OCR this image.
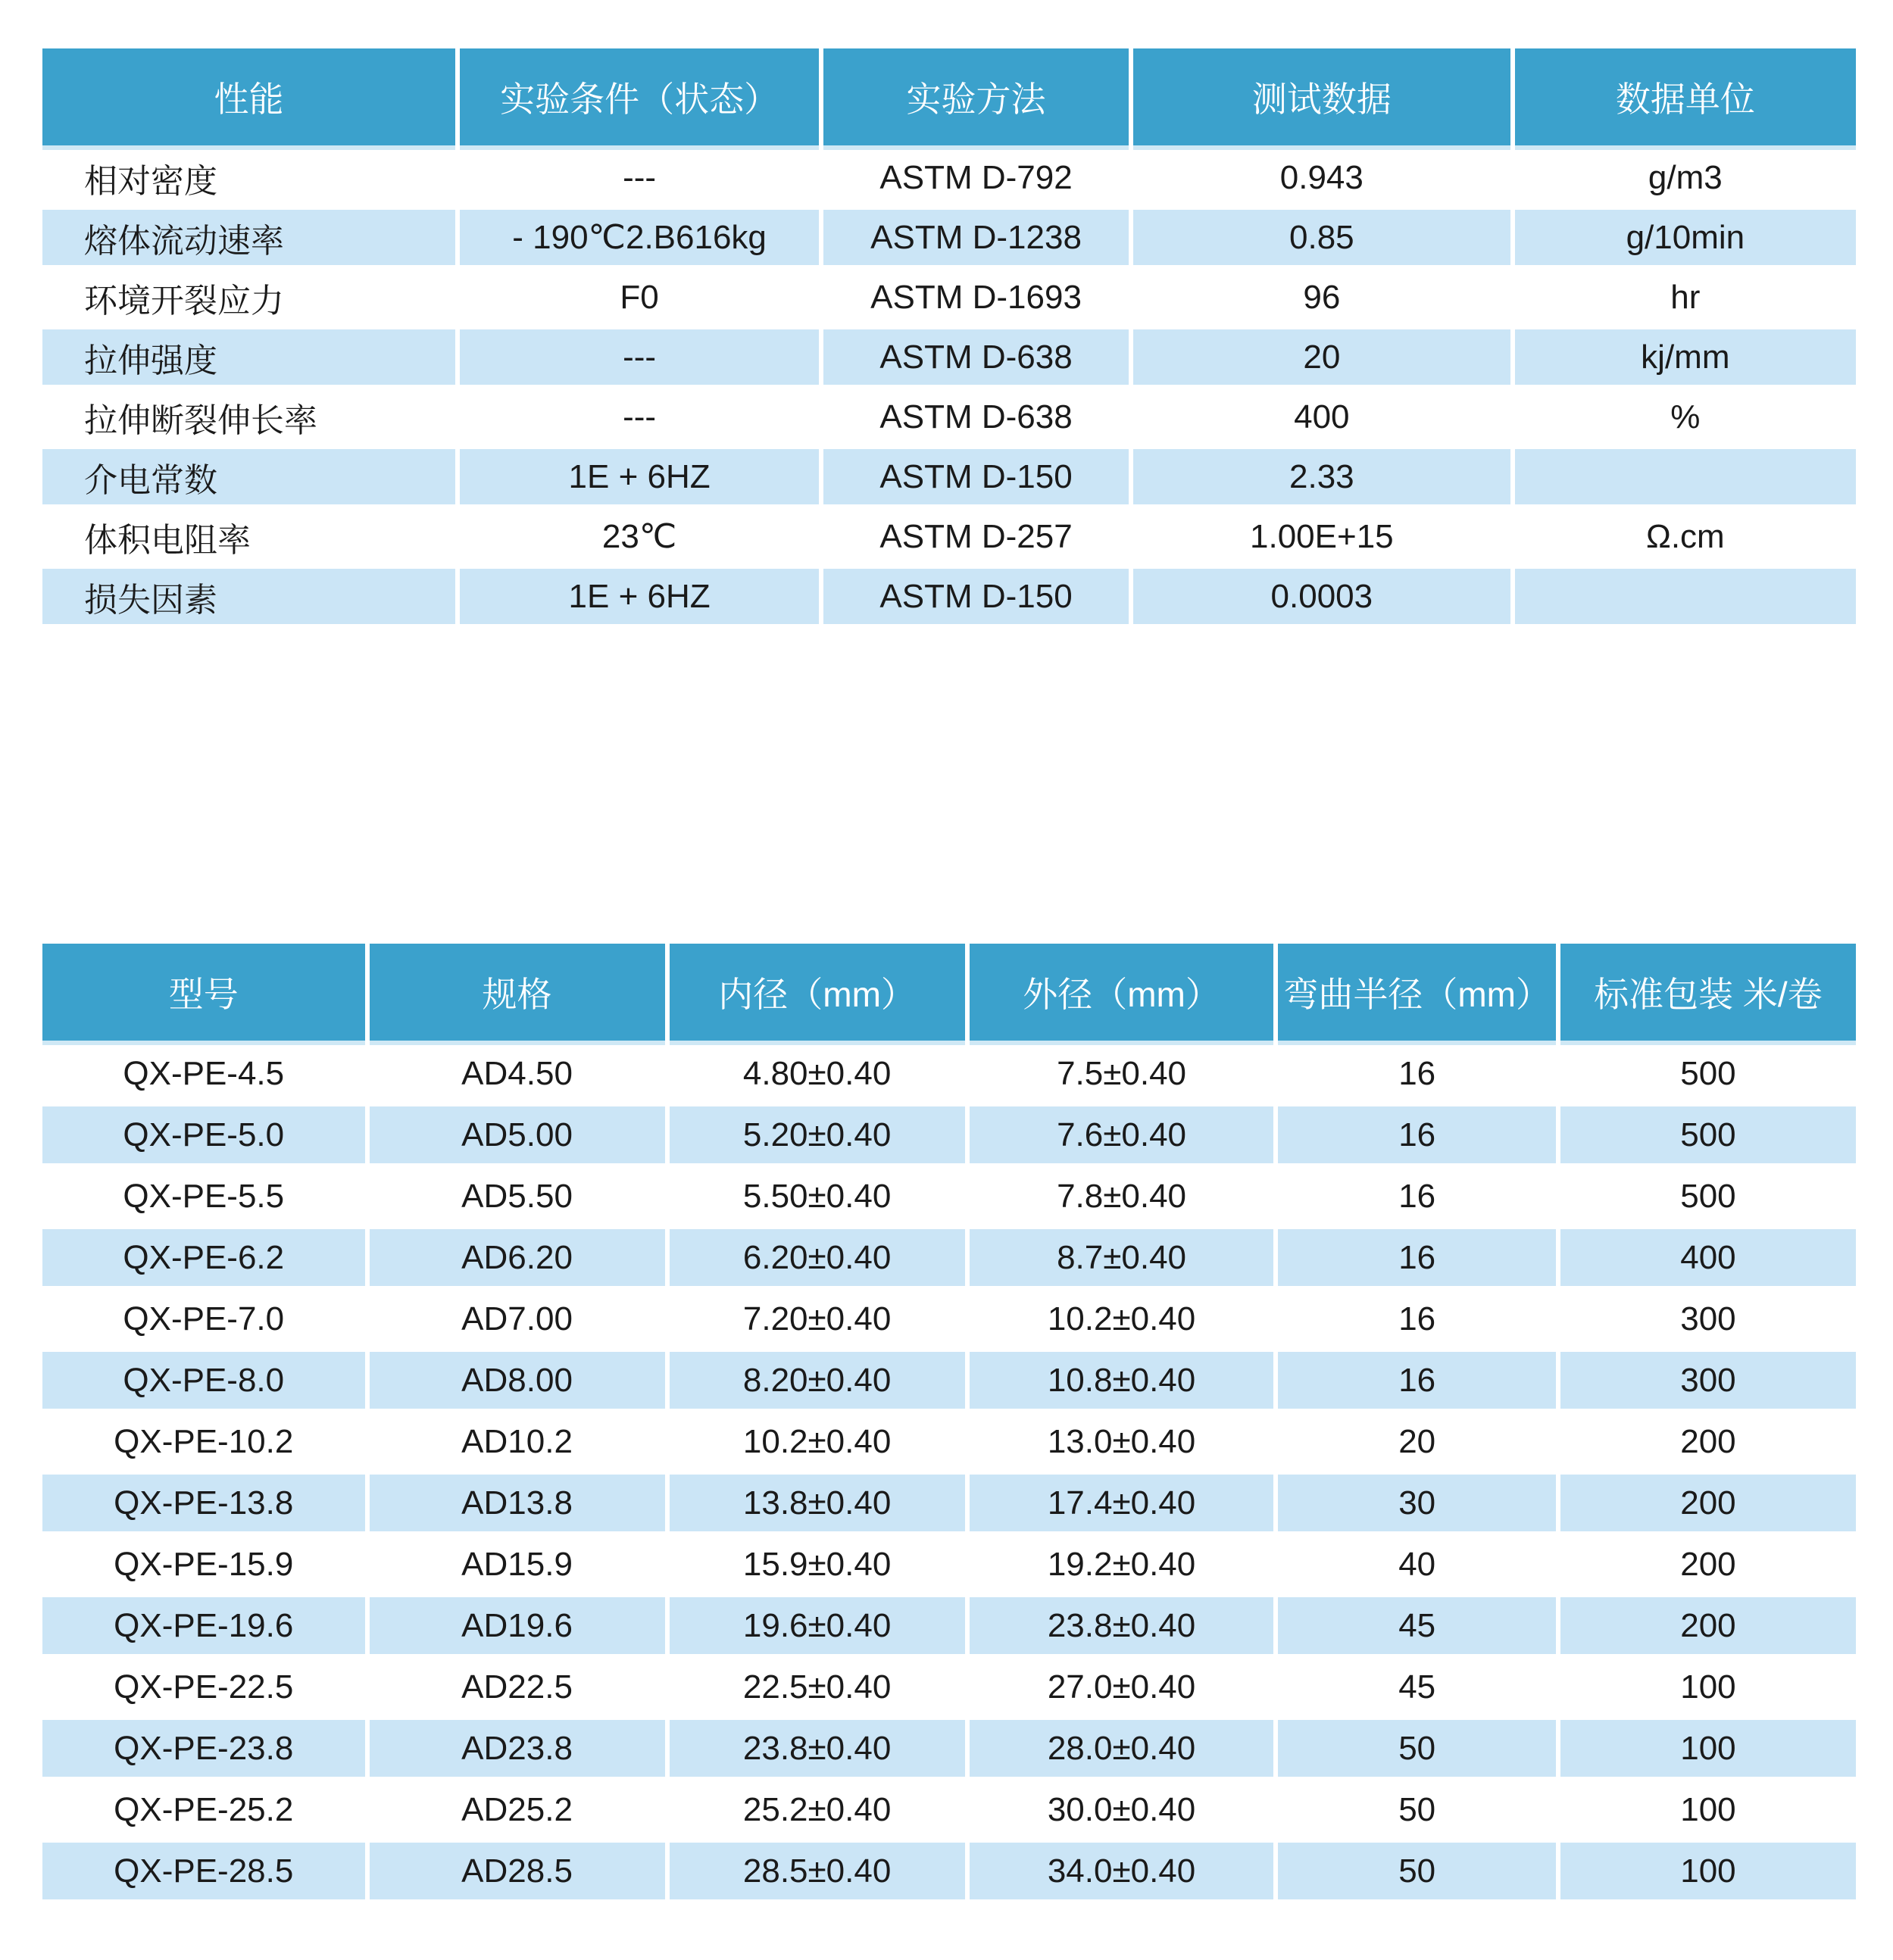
性能	实验条件（状态）	实验方法	测试数据	数据单位
相对密度	---	ASTM D-792	0.943	g/m3
熔体流动速率	- 190℃2.B616kg	ASTM D-1238	0.85	g/10min
环境开裂应力	F0	ASTM D-1693	96	hr
拉伸强度	---	ASTM D-638	20	kj/mm
拉伸断裂伸长率	---	ASTM D-638	400	%
介电常数	1E + 6HZ	ASTM D-150	2.33	
体积电阻率	23℃	ASTM D-257	1.00E+15	Ω.cm
损失因素	1E + 6HZ	ASTM D-150	0.0003	
型号	规格	内径（mm）	外径（mm）	弯曲半径（mm）	标准包装 米/卷
QX-PE-4.5	AD4.50	4.80±0.40	7.5±0.40	16	500
QX-PE-5.0	AD5.00	5.20±0.40	7.6±0.40	16	500
QX-PE-5.5	AD5.50	5.50±0.40	7.8±0.40	16	500
QX-PE-6.2	AD6.20	6.20±0.40	8.7±0.40	16	400
QX-PE-7.0	AD7.00	7.20±0.40	10.2±0.40	16	300
QX-PE-8.0	AD8.00	8.20±0.40	10.8±0.40	16	300
QX-PE-10.2	AD10.2	10.2±0.40	13.0±0.40	20	200
QX-PE-13.8	AD13.8	13.8±0.40	17.4±0.40	30	200
QX-PE-15.9	AD15.9	15.9±0.40	19.2±0.40	40	200
QX-PE-19.6	AD19.6	19.6±0.40	23.8±0.40	45	200
QX-PE-22.5	AD22.5	22.5±0.40	27.0±0.40	45	100
QX-PE-23.8	AD23.8	23.8±0.40	28.0±0.40	50	100
QX-PE-25.2	AD25.2	25.2±0.40	30.0±0.40	50	100
QX-PE-28.5	AD28.5	28.5±0.40	34.0±0.40	50	100
